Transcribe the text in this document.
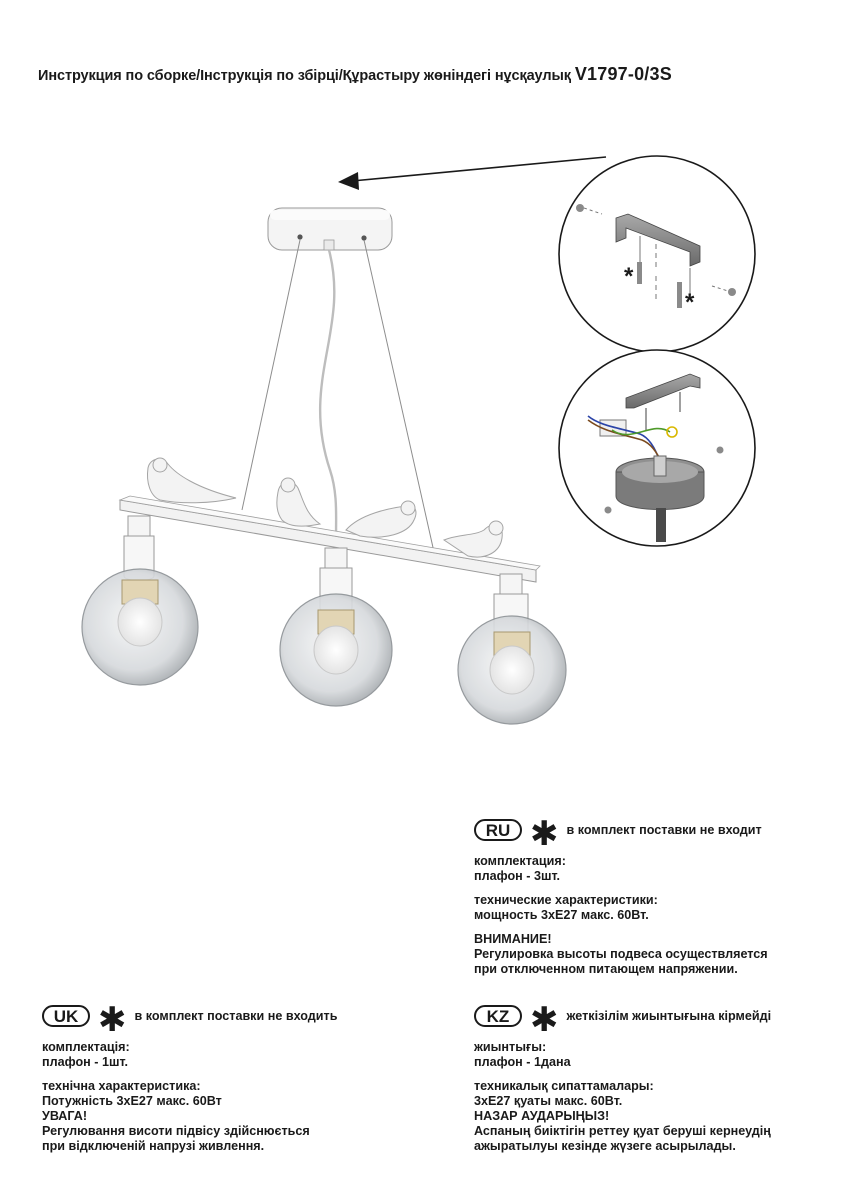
Инструкция по сборке/Інструкція по збірці/Құрастыру жөніндегі нұсқаулық V1797-0/3S
*
*
RU ✱ в комплект поставки не входит

комплектация:

плафон - 3шт.

технические характеристики:

мощность 3хЕ27 макс. 60Вт.

ВНИМАНИЕ!

Регулировка высоты подвеса осуществляется

при отключенном питающем напряжении.

UK ✱ в комплект поставки не входить

комплектація:

плафон - 1шт.

технічна характеристика:

Потужність 3хЕ27 макс. 60Вт

УВАГА!

Регулювання висоти підвісу здійснюється

при відключеній напрузі живлення.

KZ ✱ жеткізілім жиынтығына кірмейді

жиынтығы:

плафон - 1дана

техникалық сипаттамалары:

3хЕ27 қуаты макс. 60Вт.

НАЗАР АУДАРЫҢЫЗ!

Аспаның биіктігін реттеу қуат беруші кернеудің

ажыратылуы кезінде жүзеге асырылады.
